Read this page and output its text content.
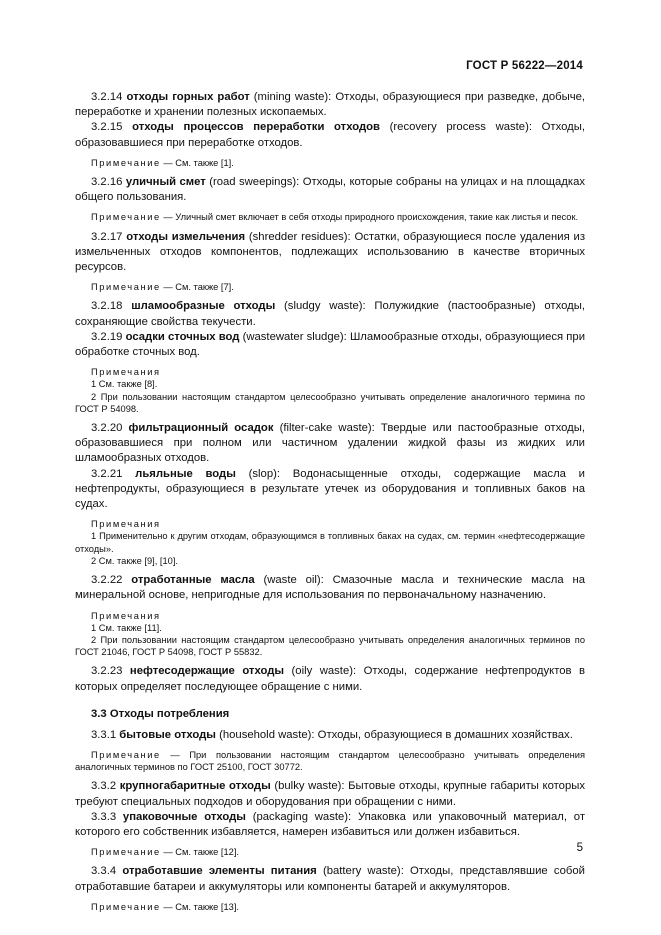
ГОСТ Р 56222—2014

3.2.14 отходы горных работ (mining waste): Отходы, образующиеся при разведке, добыче, переработке и хранении полезных ископаемых.

3.2.15 отходы процессов переработки отходов (recovery process waste): Отходы, образовавшиеся при переработке отходов.

Примечание — См. также [1].

3.2.16 уличный смет (road sweepings): Отходы, которые собраны на улицах и на площадках общего пользования.

Примечание — Уличный смет включает в себя отходы природного происхождения, такие как листья и песок.

3.2.17 отходы измельчения (shredder residues): Остатки, образующиеся после удаления из измельченных отходов компонентов, подлежащих использованию в качестве вторичных ресурсов.

Примечание — См. также [7].

3.2.18 шламообразные отходы (sludgy waste): Полужидкие (пастообразные) отходы, сохраняющие свойства текучести.

3.2.19 осадки сточных вод (wastewater sludge): Шламообразные отходы, образующиеся при обработке сточных вод.

Примечания

1 См. также [8].

2 При пользовании настоящим стандартом целесообразно учитывать определение аналогичного термина по ГОСТ Р 54098.

3.2.20 фильтрационный осадок (filter-cake waste): Твердые или пастообразные отходы, образовавшиеся при полном или частичном удалении жидкой фазы из жидких или шламообразных отходов.

3.2.21 льяльные воды (slop): Водонасыщенные отходы, содержащие масла и нефтепродукты, образующиеся в результате утечек из оборудования и топливных баков на судах.

Примечания

1 Применительно к другим отходам, образующимся в топливных баках на судах, см. термин «нефтесодержащие отходы».

2 См. также [9], [10].

3.2.22 отработанные масла (waste oil): Смазочные масла и технические масла на минеральной основе, непригодные для использования по первоначальному назначению.

Примечания

1 См. также [11].

2 При пользовании настоящим стандартом целесообразно учитывать определения аналогичных терминов по ГОСТ 21046, ГОСТ Р 54098, ГОСТ Р 55832.

3.2.23 нефтесодержащие отходы (oily waste): Отходы, содержание нефтепродуктов в которых определяет последующее обращение с ними.

3.3 Отходы потребления

3.3.1 бытовые отходы (household waste): Отходы, образующиеся в домашних хозяйствах.

Примечание — При пользовании настоящим стандартом целесообразно учитывать определения аналогичных терминов по ГОСТ 25100, ГОСТ 30772.

3.3.2 крупногабаритные отходы (bulky waste): Бытовые отходы, крупные габариты которых требуют специальных подходов и оборудования при обращении с ними.

3.3.3 упаковочные отходы (packaging waste): Упаковка или упаковочный материал, от которого его собственник избавляется, намерен избавиться или должен избавиться.

Примечание — См. также [12].

3.3.4 отработавшие элементы питания (battery waste): Отходы, представлявшие собой отработавшие батареи и аккумуляторы или компоненты батарей и аккумуляторов.

Примечание — См. также [13].

5
